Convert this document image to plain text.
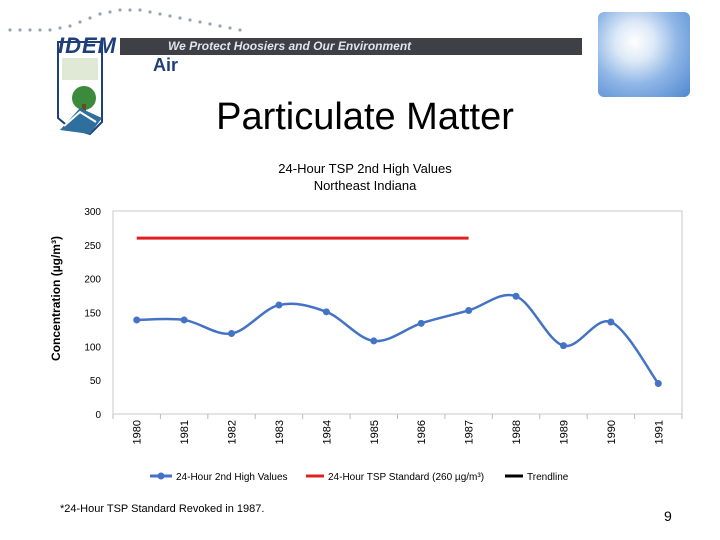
IDEM	We Protect Hoosiers and Our Environment
Air
Particulate Matter
24-Hour TSP 2nd High Values
Northeast Indiana
0
50
100
150
200
250
300
Concentration (µg/m³)
1980	1981	1982	1983	1984	1985	1986	1987	1988	1989	1990	1991
24-Hour 2nd High Values	24-Hour TSP Standard (260 µg/m³)	Trendline
*24-Hour TSP Standard Revoked in 1987.	9
